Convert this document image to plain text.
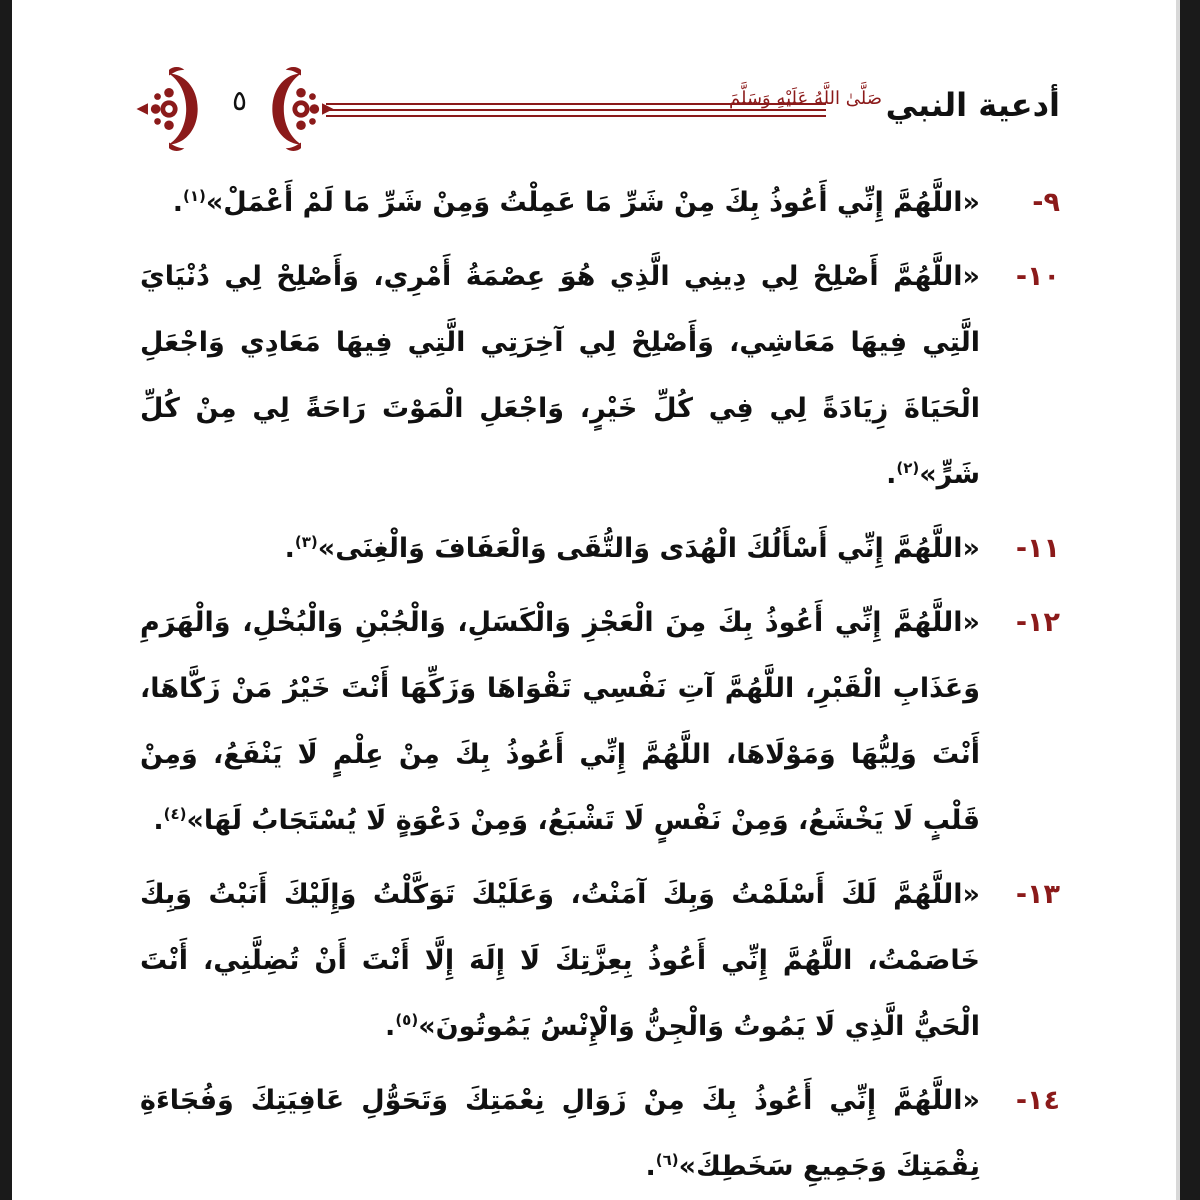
٥	صَلَّىٰ اللَّهُ عَلَيْهِ وَسَلَّمَ أدعية النبي
٩-
«اللَّهُمَّ إِنِّي أَعُوذُ بِكَ مِنْ شَرِّ مَا عَمِلْتُ وَمِنْ شَرِّ مَا لَمْ أَعْمَلْ»$^{(١)}$.
١٠-
«اللَّهُمَّ أَصْلِحْ لِي دِينِي الَّذِي هُوَ عِصْمَةُ أَمْرِي، وَأَصْلِحْ لِي دُنْيَايَ الَّتِي فِيهَا مَعَاشِي، وَأَصْلِحْ لِي آخِرَتِي الَّتِي فِيهَا مَعَادِي وَاجْعَلِ الْحَيَاةَ زِيَادَةً لِي فِي كُلِّ خَيْرٍ، وَاجْعَلِ الْمَوْتَ رَاحَةً لِي مِنْ كُلِّ شَرٍّ»$^{(٢)}$.
١١-
«اللَّهُمَّ إِنِّي أَسْأَلُكَ الْهُدَى وَالتُّقَى وَالْعَفَافَ وَالْغِنَى»$^{(٣)}$.
١٢-
«اللَّهُمَّ إِنِّي أَعُوذُ بِكَ مِنَ الْعَجْزِ وَالْكَسَلِ، وَالْجُبْنِ وَالْبُخْلِ، وَالْهَرَمِ وَعَذَابِ الْقَبْرِ، اللَّهُمَّ آتِ نَفْسِي تَقْوَاهَا وَزَكِّهَا أَنْتَ خَيْرُ مَنْ زَكَّاهَا، أَنْتَ وَلِيُّهَا وَمَوْلَاهَا، اللَّهُمَّ إِنِّي أَعُوذُ بِكَ مِنْ عِلْمٍ لَا يَنْفَعُ، وَمِنْ قَلْبٍ لَا يَخْشَعُ، وَمِنْ نَفْسٍ لَا تَشْبَعُ، وَمِنْ دَعْوَةٍ لَا يُسْتَجَابُ لَهَا»$^{(٤)}$.
١٣-
«اللَّهُمَّ لَكَ أَسْلَمْتُ وَبِكَ آمَنْتُ، وَعَلَيْكَ تَوَكَّلْتُ وَإِلَيْكَ أَنَبْتُ وَبِكَ خَاصَمْتُ، اللَّهُمَّ إِنِّي أَعُوذُ بِعِزَّتِكَ لَا إِلَهَ إِلَّا أَنْتَ أَنْ تُضِلَّنِي، أَنْتَ الْحَيُّ الَّذِي لَا يَمُوتُ وَالْجِنُّ وَالْإِنْسُ يَمُوتُونَ»$^{(٥)}$.
١٤-
«اللَّهُمَّ إِنِّي أَعُوذُ بِكَ مِنْ زَوَالِ نِعْمَتِكَ وَتَحَوُّلِ عَافِيَتِكَ وَفُجَاءَةِ نِقْمَتِكَ وَجَمِيعِ سَخَطِكَ»$^{(٦)}$.
